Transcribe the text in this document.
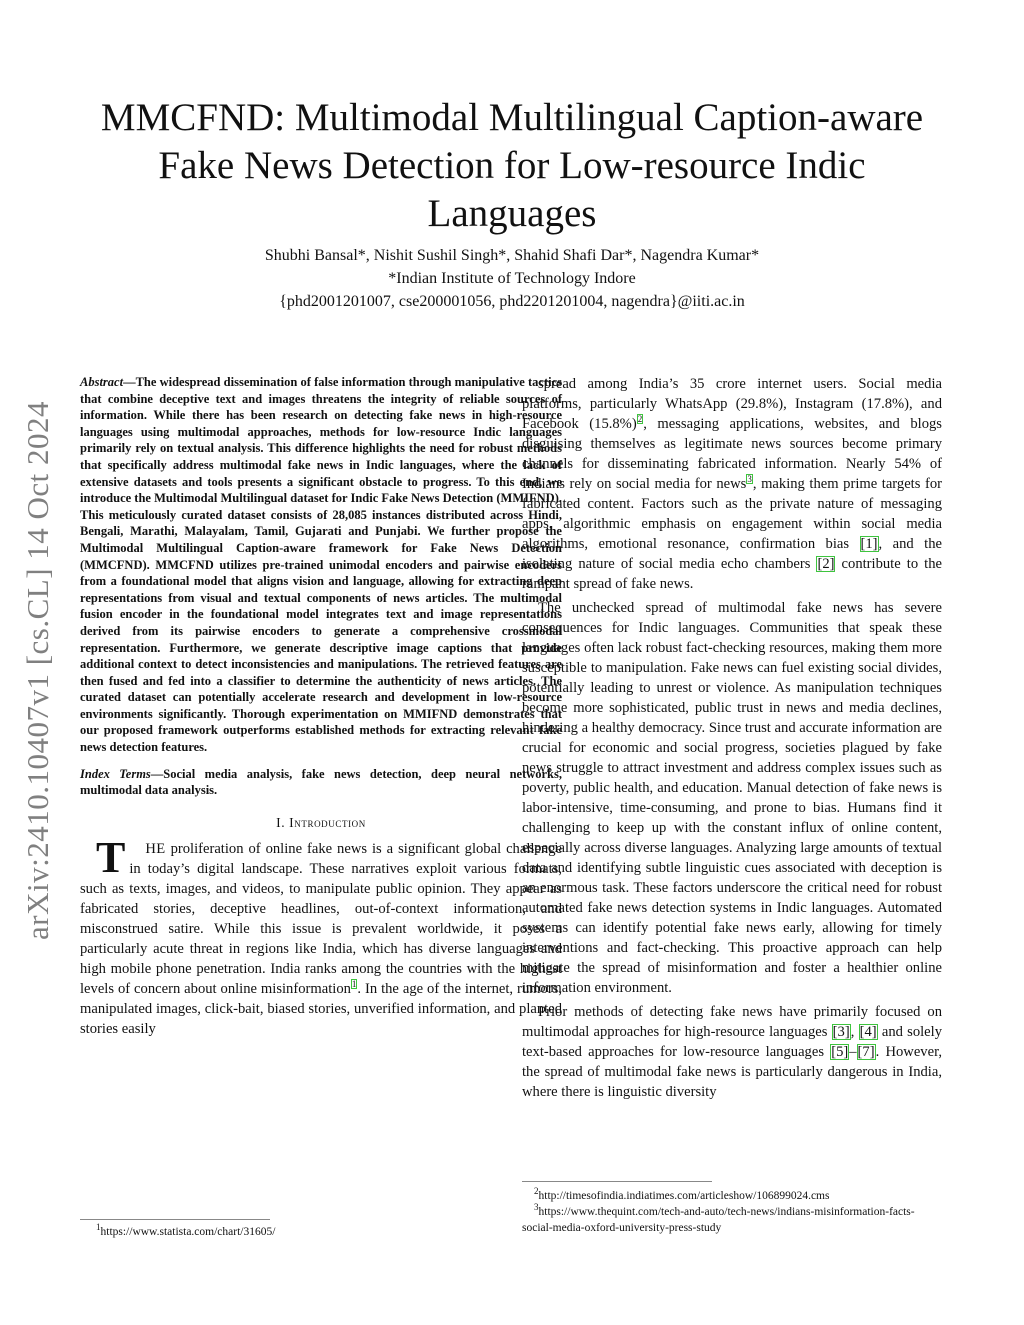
arXiv:2410.10407v1 [cs.CL] 14 Oct 2024
MMCFND: Multimodal Multilingual Caption-aware
Fake News Detection for Low-resource Indic
Languages
Shubhi Bansal*, Nishit Sushil Singh*, Shahid Shafi Dar*, Nagendra Kumar*
*Indian Institute of Technology Indore
{phd2001201007, cse200001056, phd2201201004, nagendra}@iiti.ac.in

Abstract—The widespread dissemination of false information through manipulative tactics that combine deceptive text and images threatens the integrity of reliable sources of information. While there has been research on detecting fake news in high-resource languages using multimodal approaches, methods for low-resource Indic languages primarily rely on textual analysis. This difference highlights the need for robust methods that specifically address multimodal fake news in Indic languages, where the lack of extensive datasets and tools presents a significant obstacle to progress. To this end, we introduce the Multimodal Multilingual dataset for Indic Fake News Detection (MMIFND). This meticulously curated dataset consists of 28,085 instances distributed across Hindi, Bengali, Marathi, Malayalam, Tamil, Gujarati and Punjabi. We further propose the Multimodal Multilingual Caption-aware framework for Fake News Detection (MMCFND). MMCFND utilizes pre-trained unimodal encoders and pairwise encoders from a foundational model that aligns vision and language, allowing for extracting deep representations from visual and textual components of news articles. The multimodal fusion encoder in the foundational model integrates text and image representations derived from its pairwise encoders to generate a comprehensive crossmodal representation. Furthermore, we generate descriptive image captions that provide additional context to detect inconsistencies and manipulations. The retrieved features are then fused and fed into a classifier to determine the authenticity of news articles. The curated dataset can potentially accelerate research and development in low-resource environments significantly. Thorough experimentation on MMIFND demonstrates that our proposed framework outperforms established methods for extracting relevant fake news detection features.

Index Terms—Social media analysis, fake news detection, deep neural networks, multimodal data analysis.

I. Introduction

T HE proliferation of online fake news is a significant global challenge in today’s digital landscape. These narratives exploit various formats, such as texts, images, and videos, to manipulate public opinion. They appear as fabricated stories, deceptive headlines, out-of-context information, and misconstrued satire. While this issue is prevalent worldwide, it poses a particularly acute threat in regions like India, which has diverse languages and high mobile phone penetration. India ranks among the countries with the highest levels of concern about online misinformation$^1$. In the age of the internet, rumors, manipulated images, click-bait, biased stories, unverified information, and planted stories easily

spread among India’s 35 crore internet users. Social media platforms, particularly WhatsApp (29.8%), Instagram (17.8%), and Facebook (15.8%)$^2$, messaging applications, websites, and blogs disguising themselves as legitimate news sources become primary channels for disseminating fabricated information. Nearly 54% of Indians rely on social media for news$^3$, making them prime targets for fabricated content. Factors such as the private nature of messaging apps, algorithmic emphasis on engagement within social media algorithms, emotional resonance, confirmation bias [1], and the isolating nature of social media echo chambers [2] contribute to the rampant spread of fake news.

The unchecked spread of multimodal fake news has severe consequences for Indic languages. Communities that speak these languages often lack robust fact-checking resources, making them more susceptible to manipulation. Fake news can fuel existing social divides, potentially leading to unrest or violence. As manipulation techniques become more sophisticated, public trust in news and media declines, hindering a healthy democracy. Since trust and accurate information are crucial for economic and social progress, societies plagued by fake news struggle to attract investment and address complex issues such as poverty, public health, and education. Manual detection of fake news is labor-intensive, time-consuming, and prone to bias. Humans find it challenging to keep up with the constant influx of online content, especially across diverse languages. Analyzing large amounts of textual data and identifying subtle linguistic cues associated with deception is an enormous task. These factors underscore the critical need for robust automated fake news detection systems in Indic languages. Automated systems can identify potential fake news early, allowing for timely interventions and fact-checking. This proactive approach can help mitigate the spread of misinformation and foster a healthier online information environment.

Prior methods of detecting fake news have primarily focused on multimodal approaches for high-resource languages [3], [4] and solely text-based approaches for low-resource languages [5]–[7]. However, the spread of multimodal fake news is particularly dangerous in India, where there is linguistic diversity

$^2$http://timesofindia.indiatimes.com/articleshow/106899024.cms
$^3$https://www.thequint.com/tech-and-auto/tech-news/indians-misinformation-facts-social-media-oxford-university-press-study
$^1$https://www.statista.com/chart/31605/
